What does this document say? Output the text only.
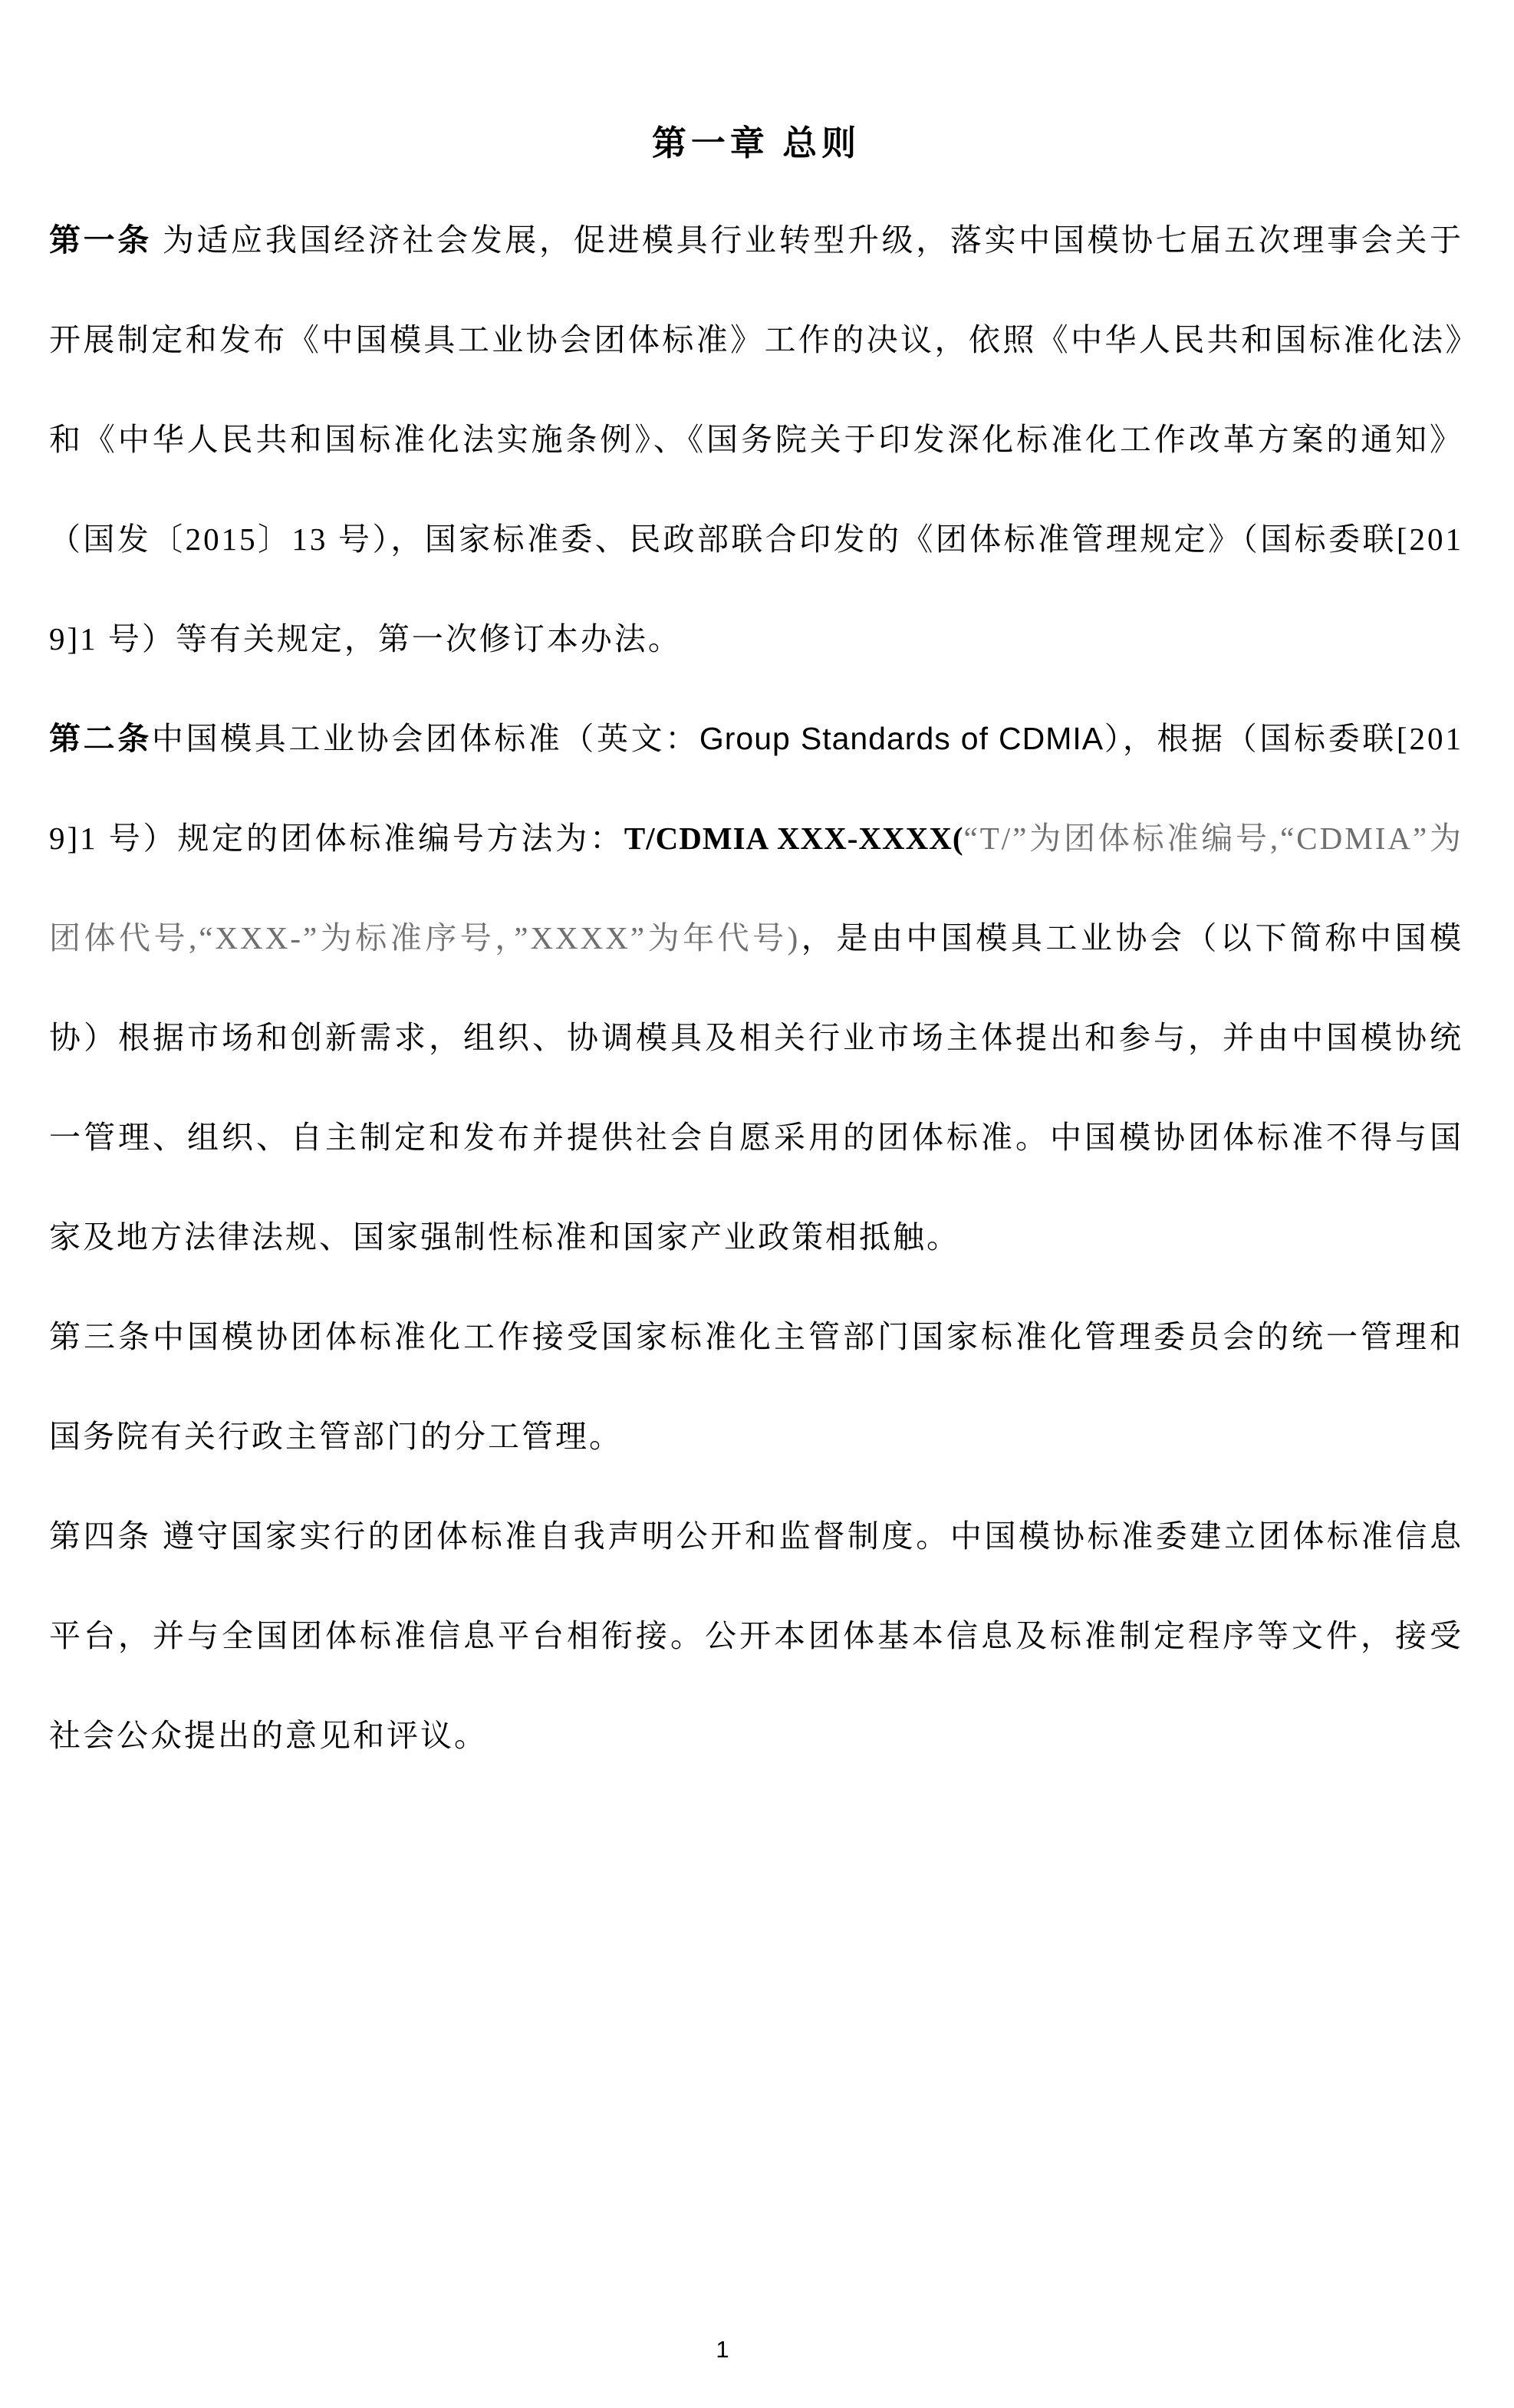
第一章 总则

第一条 为适应我国经济社会发展，促进模具行业转型升级，落实中国模协七届五次理事会关于开展制定和发布《中国模具工业协会团体标准》工作的决议，依照《中华人民共和国标准化法》和《中华人民共和国标准化法实施条例》、《国务院关于印发深化标准化工作改革方案的通知》（国发〔2015〕13 号），国家标准委、民政部联合印发的《团体标准管理规定》（国标委联[2019]1 号）等有关规定，第一次修订本办法。

第二条中国模具工业协会团体标准（英文：Group Standards of CDMIA），根据（国标委联[2019]1 号）规定的团体标准编号方法为：T/CDMIA XXX-XXXX(“T/”为团体标准编号,“CDMIA”为团体代号,“XXX-”为标准序号，”XXXX”为年代号)，是由中国模具工业协会（以下简称中国模协）根据市场和创新需求，组织、协调模具及相关行业市场主体提出和参与，并由中国模协统一管理、组织、自主制定和发布并提供社会自愿采用的团体标准。中国模协团体标准不得与国家及地方法律法规、国家强制性标准和国家产业政策相抵触。

第三条中国模协团体标准化工作接受国家标准化主管部门国家标准化管理委员会的统一管理和国务院有关行政主管部门的分工管理。

第四条 遵守国家实行的团体标准自我声明公开和监督制度。中国模协标准委建立团体标准信息平台，并与全国团体标准信息平台相衔接。公开本团体基本信息及标准制定程序等文件，接受社会公众提出的意见和评议。

1
